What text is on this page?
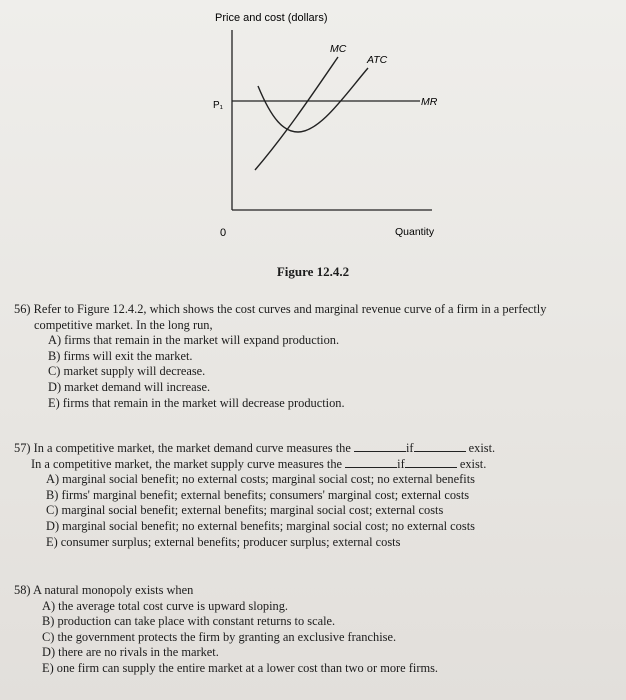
Price and cost (dollars)
P₁
0	Quantity
MR
ATC
MC
Figure 12.4.2
56) Refer to Figure 12.4.2, which shows the cost curves and marginal revenue curve of a firm in a perfectly
competitive market. In the long run,
A) firms that remain in the market will expand production.
B) firms will exit the market.
C) market supply will decrease.
D) market demand will increase.
E) firms that remain in the market will decrease production.
57) In a competitive market, the market demand curve measures the	if	exist.
In a competitive market, the market supply curve measures the	if	exist.
A) marginal social benefit; no external costs; marginal social cost; no external benefits
B) firms' marginal benefit; external benefits; consumers' marginal cost; external costs
C) marginal social benefit; external benefits; marginal social cost; external costs
D) marginal social benefit; no external benefits; marginal social cost; no external costs
E) consumer surplus; external benefits; producer surplus; external costs
58) A natural monopoly exists when
A) the average total cost curve is upward sloping.
B) production can take place with constant returns to scale.
C) the government protects the firm by granting an exclusive franchise.
D) there are no rivals in the market.
E) one firm can supply the entire market at a lower cost than two or more firms.
